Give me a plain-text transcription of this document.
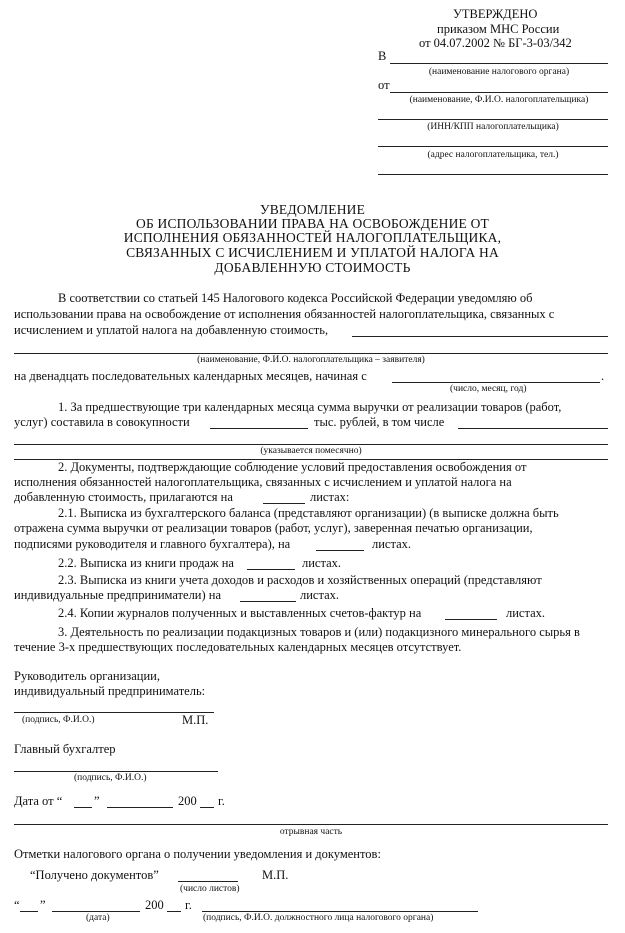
УТВЕРЖДЕНО
приказом МНС России
от 04.07.2002 № БГ-3-03/342
В
(наименование налогового органа)
от
(наименование, Ф.И.О. налогоплательщика)
(ИНН/КПП налогоплательщика)
(адрес налогоплательщика, тел.)
УВЕДОМЛЕНИЕ
ОБ ИСПОЛЬЗОВАНИИ ПРАВА НА ОСВОБОЖДЕНИЕ ОТ
ИСПОЛНЕНИЯ ОБЯЗАННОСТЕЙ НАЛОГОПЛАТЕЛЬЩИКА,
СВЯЗАННЫХ С ИСЧИСЛЕНИЕМ И УПЛАТОЙ НАЛОГА НА
ДОБАВЛЕННУЮ СТОИМОСТЬ
В соответствии со статьей 145 Налогового кодекса Российской Федерации уведомляю об
использовании права на освобождение от исполнения обязанностей налогоплательщика, связанных с
исчислением и уплатой налога на добавленную стоимость,
(наименование, Ф.И.О. налогоплательщика – заявителя)
на двенадцать последовательных календарных месяцев, начиная с	.
(число, месяц, год)
1. За предшествующие три календарных месяца сумма выручки от реализации товаров (работ,
услуг) составила в совокупности	тыс. рублей, в том числе
(указывается помесячно)
2. Документы, подтверждающие соблюдение условий предоставления освобождения от
исполнения обязанностей налогоплательщика, связанных с исчислением и уплатой налога на
добавленную стоимость, прилагаются на	листах:
2.1. Выписка из бухгалтерского баланса (представляют организации) (в выписке должна быть
отражена сумма выручки от реализации товаров (работ, услуг), заверенная печатью организации,
подписями руководителя и главного бухгалтера), на	листах.
2.2. Выписка из книги продаж на	листах.
2.3. Выписка из книги учета доходов и расходов и хозяйственных операций (представляют
индивидуальные предприниматели) на	листах.
2.4. Копии журналов полученных и выставленных счетов-фактур на	листах.
3. Деятельность по реализации подакцизных товаров и (или) подакцизного минерального сырья в
течение 3-х предшествующих последовательных календарных месяцев отсутствует.
Руководитель организации,
индивидуальный предприниматель:
(подпись, Ф.И.О.)	М.П.
Главный бухгалтер
(подпись, Ф.И.О.)
Дата от “	”	200 г.
отрывная часть
Отметки налогового органа о получении уведомления и документов:
“Получено документов”	М.П.
(число листов)
“ ”	200 г.
(дата)	(подпись, Ф.И.О. должностного лица налогового органа)
